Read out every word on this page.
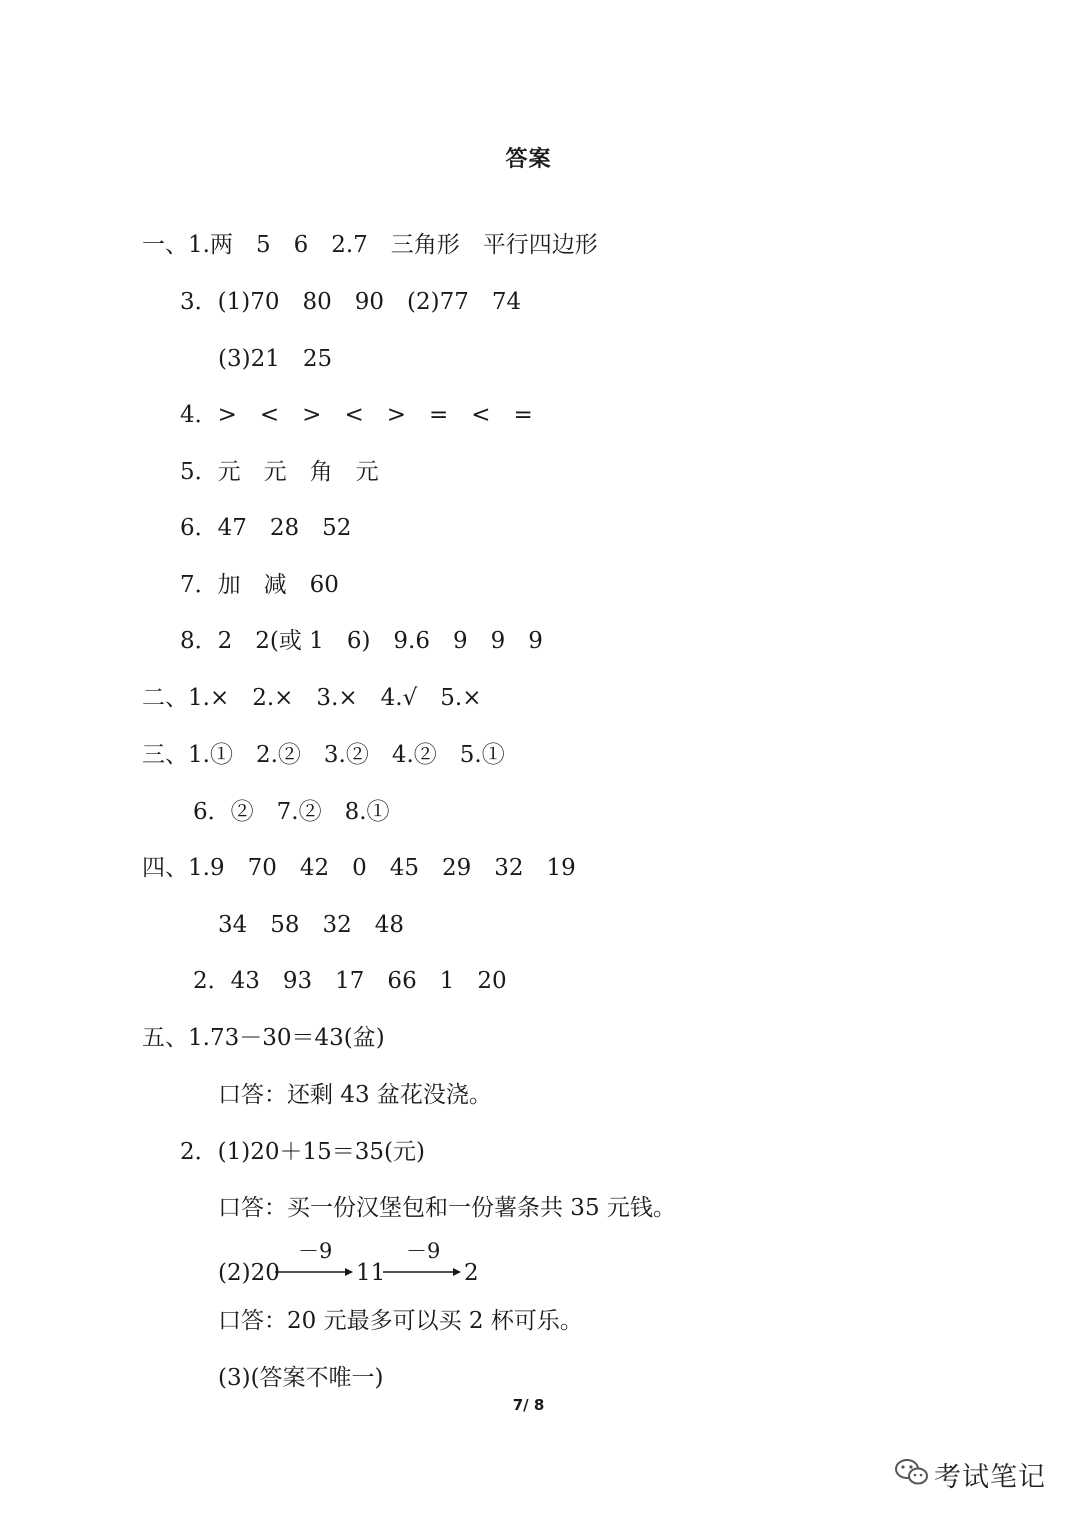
答案
一、1.两　5　6　2.7　三角形　平行四边形
3．(1)70　80　90　(2)77　74
(3)21　25
4．>　<　>　<　>　=　<　=
5．元　元　角　元
6．47　28　52
7．加　减　60
8．2　2(或 1　6)　9.6　9　9　9
二、1.×　2.×　3.×　4.√　5.×
三、1.①　2.②　3.②　4.②　5.①
6．②　7.②　8.①
四、1.9　70　42　0　45　29　32　19
34　58　32　48
2．43　93　17　66　1　20
五、1.73－30＝43(盆)
口答：还剩 43 盆花没浇。
2．(1)20＋15＝35(元)
口答：买一份汉堡包和一份薯条共 35 元钱。
(2)20
－9
11
－9
2
口答：20 元最多可以买 2 杯可乐。
(3)(答案不唯一)
7/ 8
考试笔记
